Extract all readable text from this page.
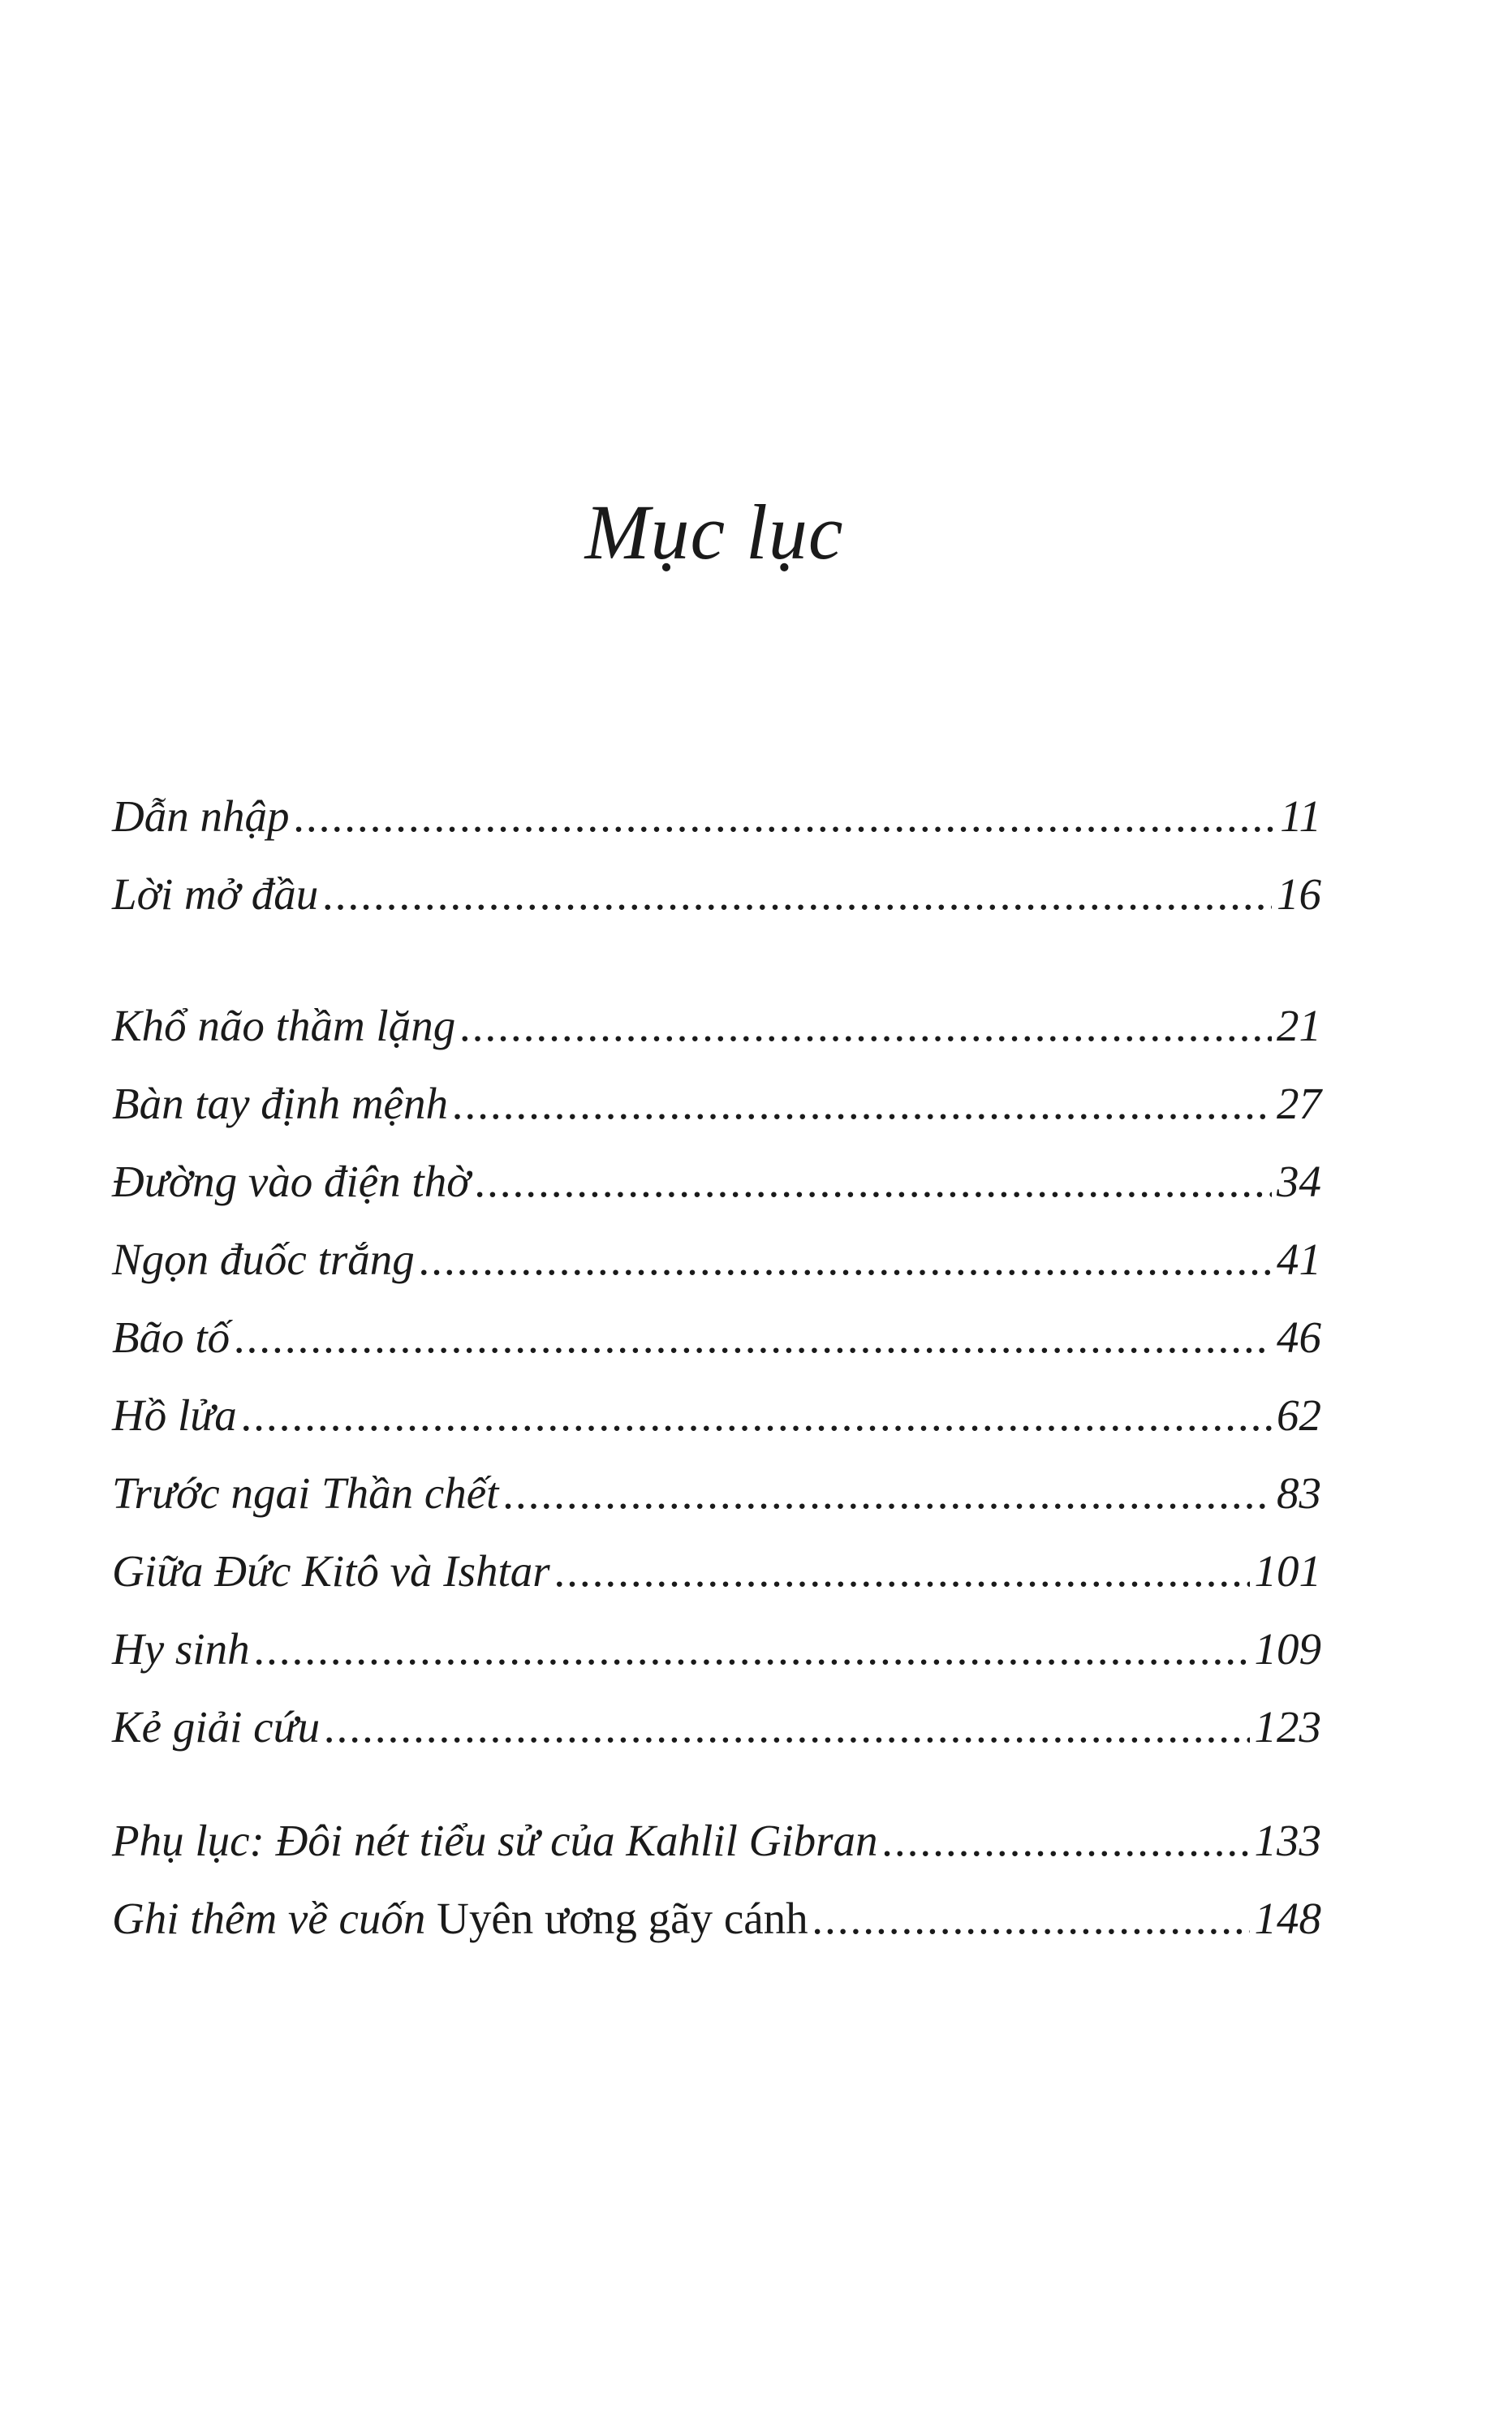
Mục lục
Dẫn nhập .....	11
Lời mở đầu .....	16
Khổ não thầm lặng .....	21
Bàn tay định mệnh .....	27
Đường vào điện thờ .....	34
Ngọn đuốc trắng .....	41
Bão tố .....	46
Hồ lửa .....	62
Trước ngai Thần chết .....	83
Giữa Đức Kitô và Ishtar .....	101
Hy sinh .....	109
Kẻ giải cứu .....	123
Phụ lục: Đôi nét tiểu sử của Kahlil Gibran .....	133
Ghi thêm về cuốn Uyên ương gãy cánh .....	148
